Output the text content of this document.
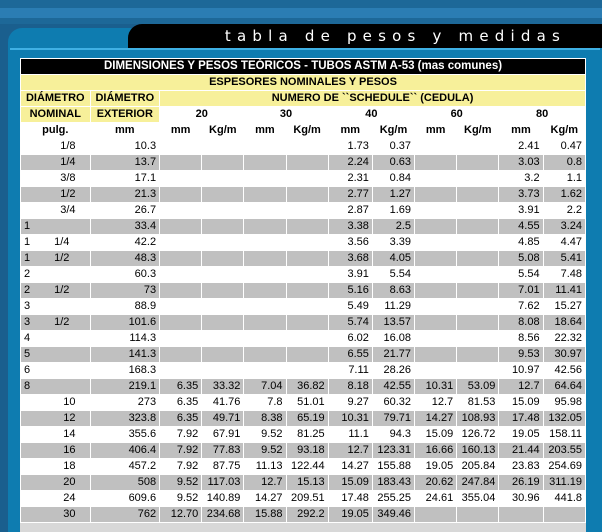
tabla de pesos y medidas
DIMENSIONES Y PESOS TEÓRICOS - TUBOS ASTM A-53 (mas comunes)											
ESPESORES NOMINALES Y PESOS											
DIÁMETRO	DIÁMETRO	NUMERO DE ``SCHEDULE`` (CEDULA)									
NOMINAL	EXTERIOR	20		30		40		60		80	
pulg.	mm	mm	Kg/m	mm	Kg/m	mm	Kg/m	mm	Kg/m	mm	Kg/m
1/8	10.3					1.73	0.37			2.41	0.47
1/4	13.7					2.24	0.63			3.03	0.8
3/8	17.1					2.31	0.84			3.2	1.1
1/2	21.3					2.77	1.27			3.73	1.62
3/4	26.7					2.87	1.69			3.91	2.2
1	33.4					3.38	2.5			4.55	3.24
1 1/4	42.2					3.56	3.39			4.85	4.47
1 1/2	48.3					3.68	4.05			5.08	5.41
2	60.3					3.91	5.54			5.54	7.48
2 1/2	73					5.16	8.63			7.01	11.41
3	88.9					5.49	11.29			7.62	15.27
3 1/2	101.6					5.74	13.57			8.08	18.64
4	114.3					6.02	16.08			8.56	22.32
5	141.3					6.55	21.77			9.53	30.97
6	168.3					7.11	28.26			10.97	42.56
8	219.1	6.35	33.32	7.04	36.82	8.18	42.55	10.31	53.09	12.7	64.64
10	273	6.35	41.76	7.8	51.01	9.27	60.32	12.7	81.53	15.09	95.98
12	323.8	6.35	49.71	8.38	65.19	10.31	79.71	14.27	108.93	17.48	132.05
14	355.6	7.92	67.91	9.52	81.25	11.1	94.3	15.09	126.72	19.05	158.11
16	406.4	7.92	77.83	9.52	93.18	12.7	123.31	16.66	160.13	21.44	203.55
18	457.2	7.92	87.75	11.13	122.44	14.27	155.88	19.05	205.84	23.83	254.69
20	508	9.52	117.03	12.7	15.13	15.09	183.43	20.62	247.84	26.19	311.19
24	609.6	9.52	140.89	14.27	209.51	17.48	255.25	24.61	355.04	30.96	441.8
30	762	12.70	234.68	15.88	292.2	19.05	349.46				
